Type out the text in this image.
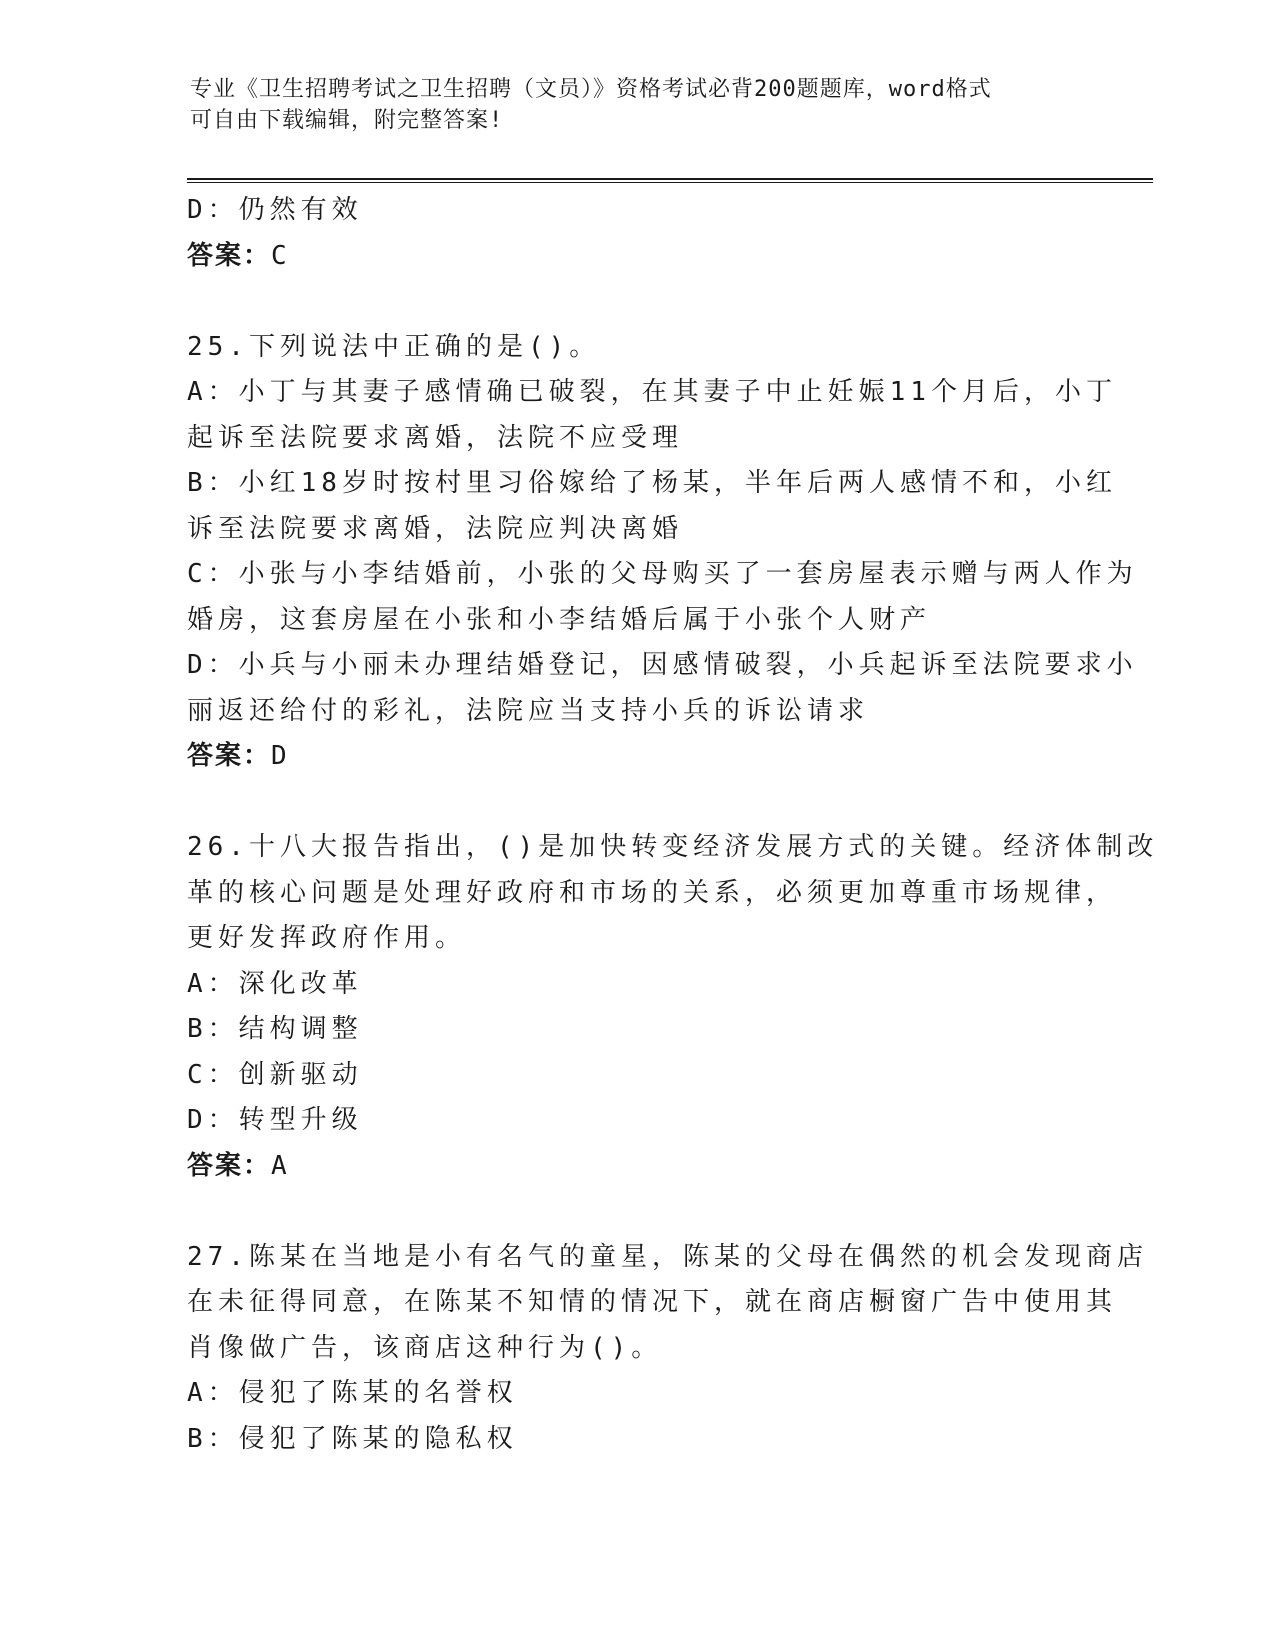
专业《卫生招聘考试之卫生招聘（文员）》资格考试必背200题题库，word格式
可自由下载编辑，附完整答案!

D：仍然有效

答案：C

25.下列说法中正确的是()。

A：小丁与其妻子感情确已破裂，在其妻子中止妊娠11个月后，小丁

起诉至法院要求离婚，法院不应受理

B：小红18岁时按村里习俗嫁给了杨某，半年后两人感情不和，小红

诉至法院要求离婚，法院应判决离婚

C：小张与小李结婚前，小张的父母购买了一套房屋表示赠与两人作为

婚房，这套房屋在小张和小李结婚后属于小张个人财产

D：小兵与小丽未办理结婚登记，因感情破裂，小兵起诉至法院要求小

丽返还给付的彩礼，法院应当支持小兵的诉讼请求

答案：D

26.十八大报告指出，()是加快转变经济发展方式的关键。经济体制改

革的核心问题是处理好政府和市场的关系，必须更加尊重市场规律，

更好发挥政府作用。

A：深化改革

B：结构调整

C：创新驱动

D：转型升级

答案：A

27.陈某在当地是小有名气的童星，陈某的父母在偶然的机会发现商店

在未征得同意，在陈某不知情的情况下，就在商店橱窗广告中使用其

肖像做广告，该商店这种行为()。

A：侵犯了陈某的名誉权

B：侵犯了陈某的隐私权
